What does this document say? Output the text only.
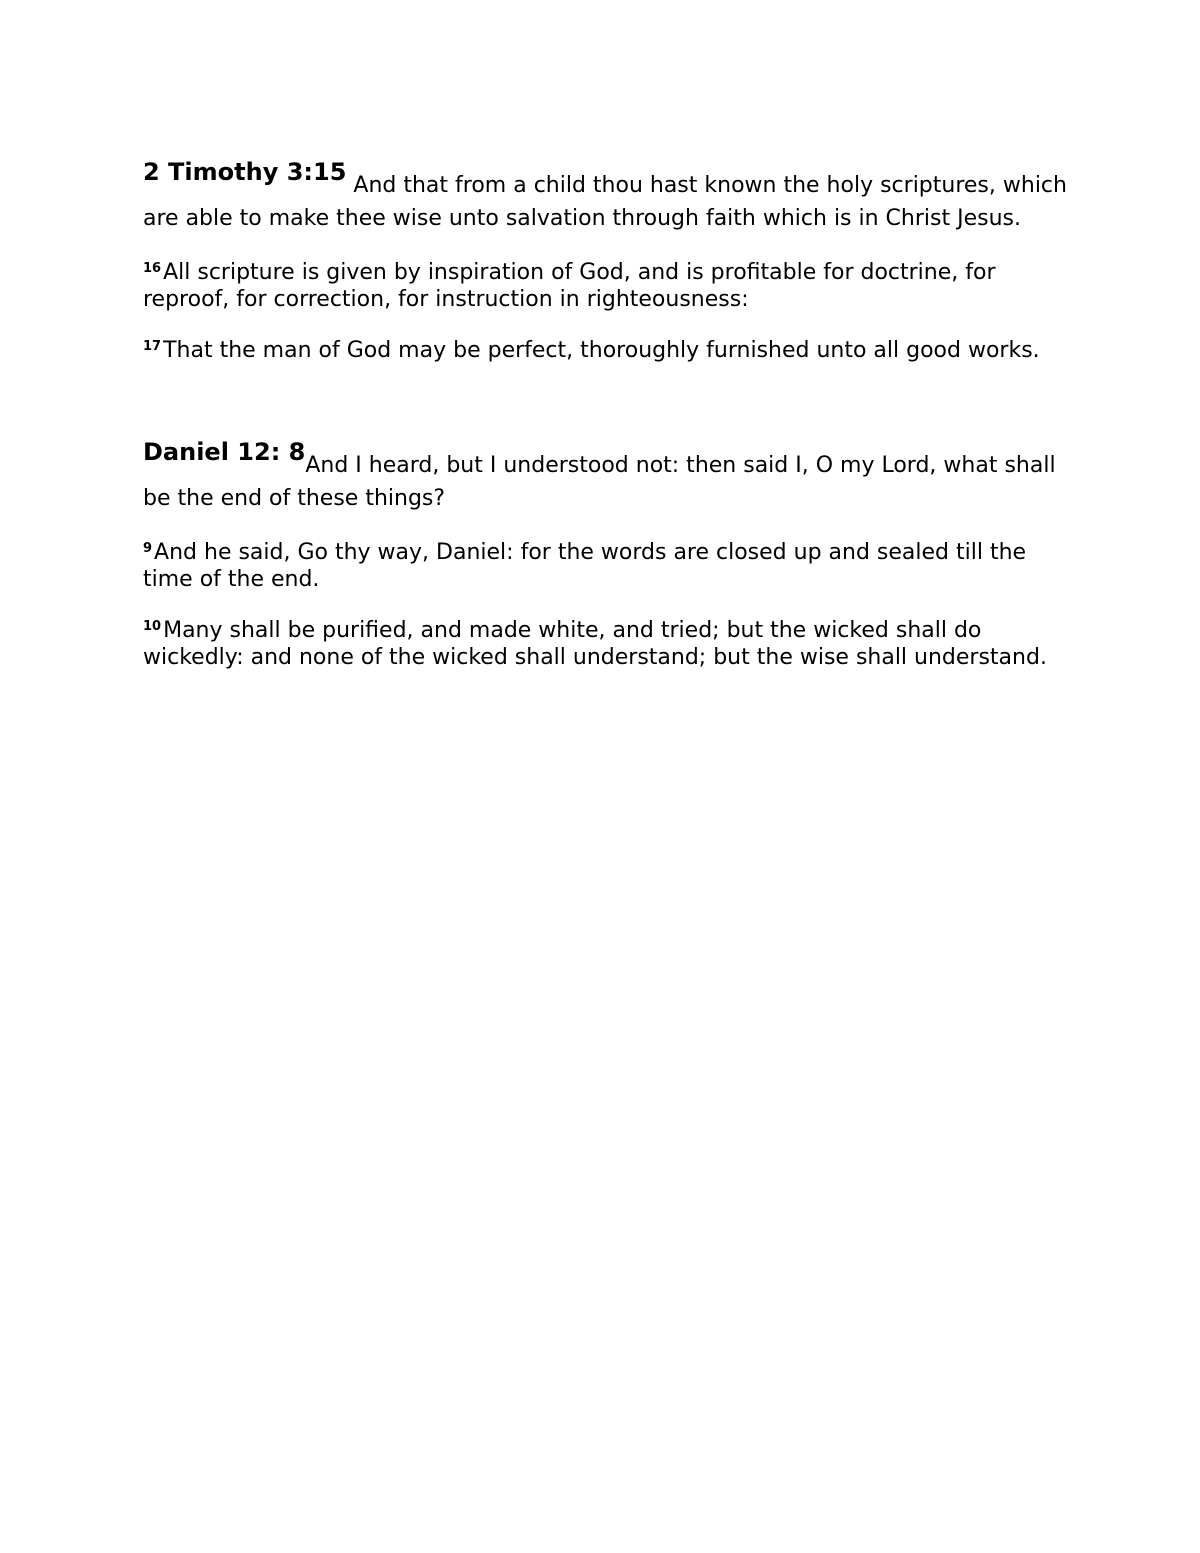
2 Timothy 3:15 And that from a child thou hast known the holy scriptures, which are able to make thee wise unto salvation through faith which is in Christ Jesus.

$^{16}$All scripture is given by inspiration of God, and is profitable for doctrine, for reproof, for correction, for instruction in righteousness:

$^{17}$That the man of God may be perfect, thoroughly furnished unto all good works.

Daniel 12: 8And I heard, but I understood not: then said I, O my Lord, what shall be the end of these things?

$^9$And he said, Go thy way, Daniel: for the words are closed up and sealed till the time of the end.

$^{10}$Many shall be purified, and made white, and tried; but the wicked shall do wickedly: and none of the wicked shall understand; but the wise shall understand.
